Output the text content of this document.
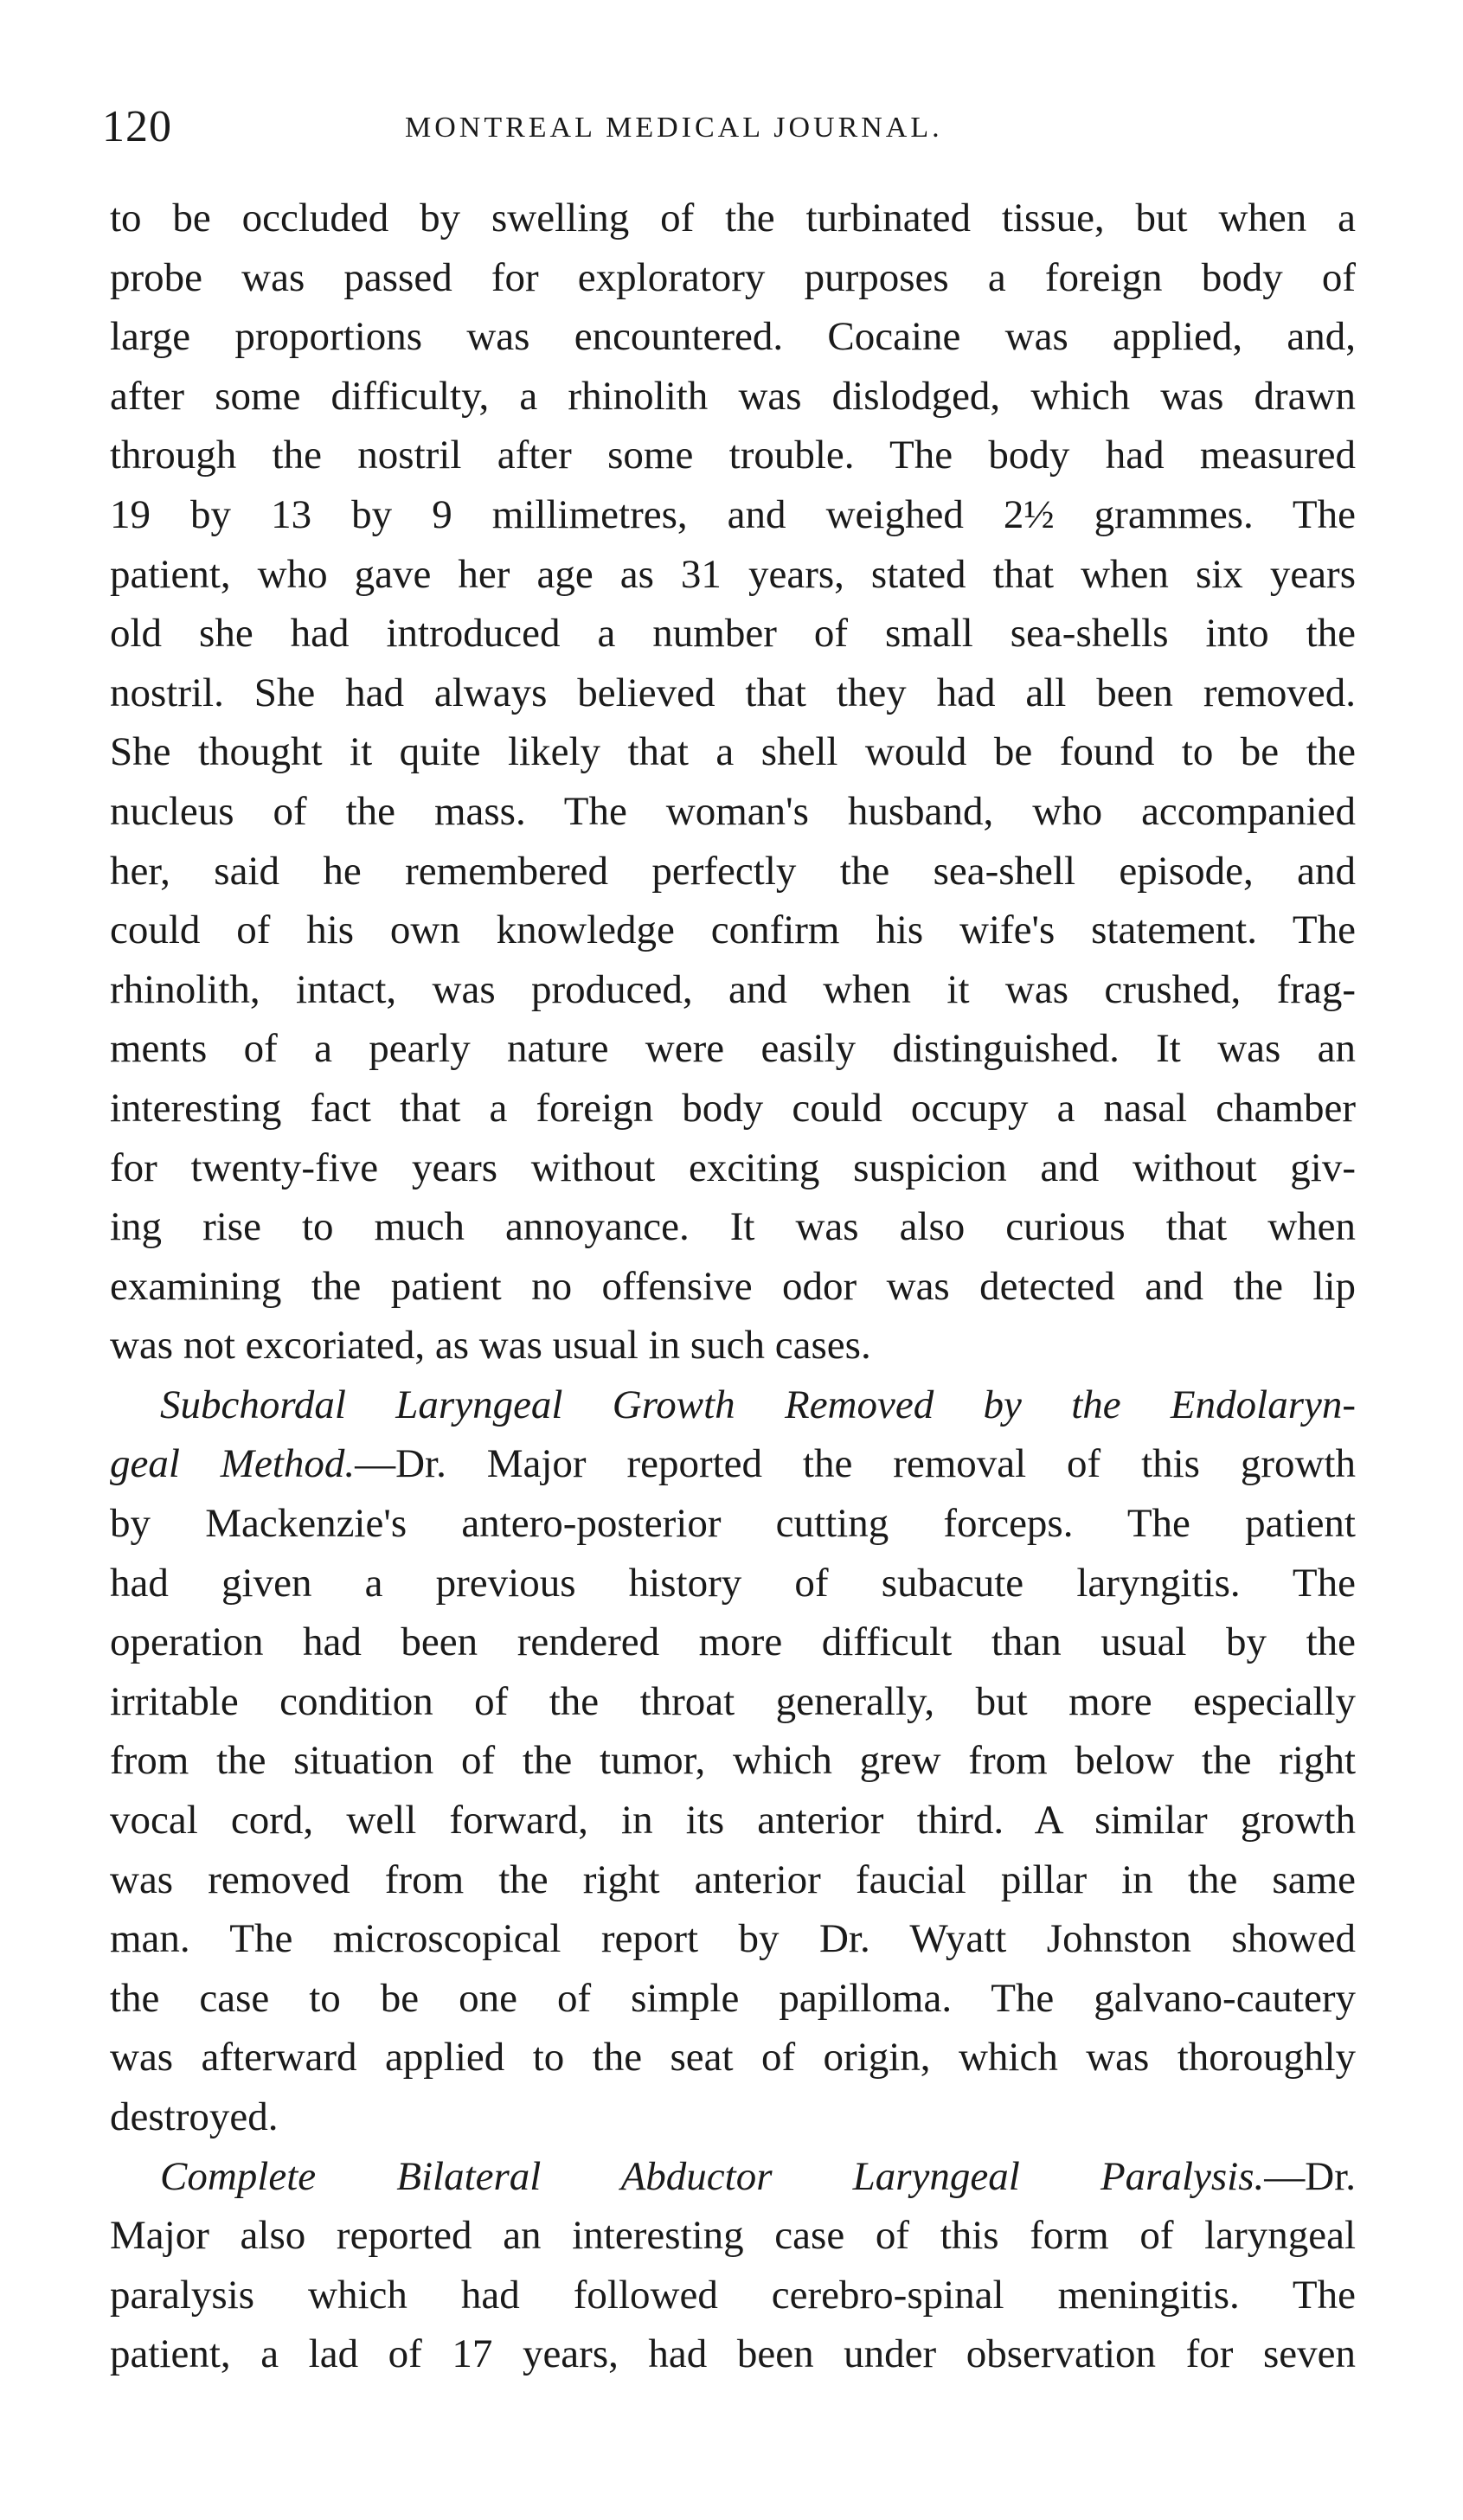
120	MONTREAL MEDICAL JOURNAL.
to be occluded by swelling of the turbinated tissue, but when a
probe was passed for exploratory purposes a foreign body of
large proportions was encountered. Cocaine was applied, and,
after some difficulty, a rhinolith was dislodged, which was drawn
through the nostril after some trouble. The body had measured
19 by 13 by 9 millimetres, and weighed 2½ grammes. The
patient, who gave her age as 31 years, stated that when six years
old she had introduced a number of small sea-shells into the
nostril. She had always believed that they had all been removed.
She thought it quite likely that a shell would be found to be the
nucleus of the mass. The woman's husband, who accompanied
her, said he remembered perfectly the sea-shell episode, and
could of his own knowledge confirm his wife's statement. The
rhinolith, intact, was produced, and when it was crushed, frag-
ments of a pearly nature were easily distinguished. It was an
interesting fact that a foreign body could occupy a nasal chamber
for twenty-five years without exciting suspicion and without giv-
ing rise to much annoyance. It was also curious that when
examining the patient no offensive odor was detected and the lip
was not excoriated, as was usual in such cases.
Subchordal Laryngeal Growth Removed by the Endolaryn-
geal Method.—Dr. Major reported the removal of this growth
by Mackenzie's antero-posterior cutting forceps. The patient
had given a previous history of subacute laryngitis. The
operation had been rendered more difficult than usual by the
irritable condition of the throat generally, but more especially
from the situation of the tumor, which grew from below the right
vocal cord, well forward, in its anterior third. A similar growth
was removed from the right anterior faucial pillar in the same
man. The microscopical report by Dr. Wyatt Johnston showed
the case to be one of simple papilloma. The galvano-cautery
was afterward applied to the seat of origin, which was thoroughly
destroyed.
Complete Bilateral Abductor Laryngeal Paralysis.—Dr.
Major also reported an interesting case of this form of laryngeal
paralysis which had followed cerebro-spinal meningitis. The
patient, a lad of 17 years, had been under observation for seven
